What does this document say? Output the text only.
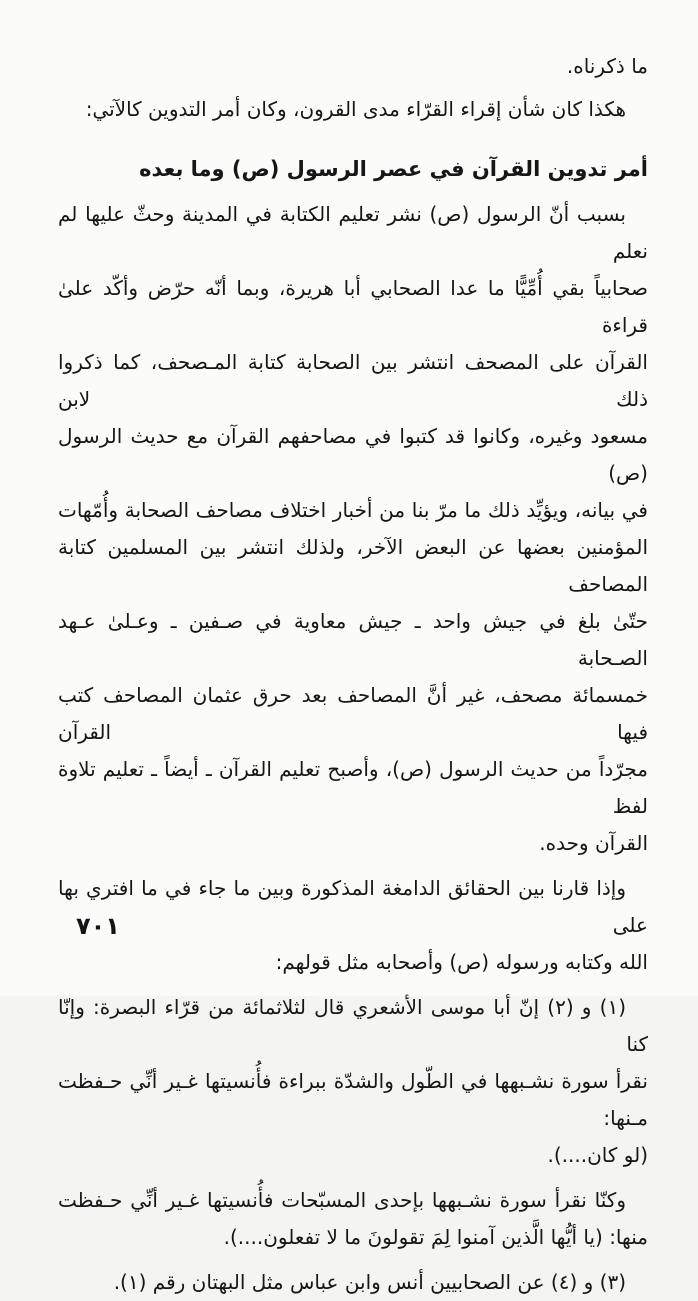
ما ذكرناه.
هكذا كان شأن إقراء القرّاء مدى القرون، وكان أمر التدوين كالآتي:
أمر تدوين القرآن في عصر الرسول (ص) وما بعده
بسبب أنّ الرسول (ص) نشر تعليم الكتابة في المدينة وحثّ عليها لم نعلم
صحابياً بقي أُمِّيًّا ما عدا الصحابي أبا هريرة، وبما أنّه حرّض وأكّد علىٰ قراءة
القرآن على المصحف انتشر بين الصحابة كتابة المـصحف، كما ذكروا ذلك لابن
مسعود وغيره، وكانوا قد كتبوا في مصاحفهم القرآن مع حديث الرسول (ص)
في بيانه، ويؤيِّد ذلك ما مرّ بنا من أخبار اختلاف مصاحف الصحابة وأُمّهات
المؤمنين بعضها عن البعض الآخر، ولذلك انتشر بين المسلمين كتابة المصاحف
حتّىٰ بلغ في جيش واحد ـ جيش معاوية في صـفين ـ وعـلىٰ عـهد الصـحابة
خمسمائة مصحف، غير أنَّ المصاحف بعد حرق عثمان المصاحف كتب فيها القرآن
مجرّداً من حديث الرسول (ص)، وأصبح تعليم القرآن ـ أيضاً ـ تعليم تلاوة لفظ
القرآن وحده.
وإذا قارنا بين الحقائق الدامغة المذكورة وبين ما جاء في ما افتري بها على
الله وكتابه ورسوله (ص) وأصحابه مثل قولهم:
(١) و (٢) إنّ أبا موسى الأشعري قال لثلاثمائة من قرّاء البصرة: وإنّا كنا
نقرأ سورة نشـبهها في الطّول والشدّة ببراءة فأُنسيتها غـير أنِّي حـفظت مـنها:
(لو كان....).
وكنّا نقرأ سورة نشـبهها بإحدى المسبّحات فأُنسيتها غـير أنِّي حـفظت
منها: (يا أيُّها الَّذين آمنوا لِمَ تقولونَ ما لا تفعلون....).
(٣) و (٤) عن الصحابيين أنس وابن عباس مثل البهتان رقم (١).
٧٠١
